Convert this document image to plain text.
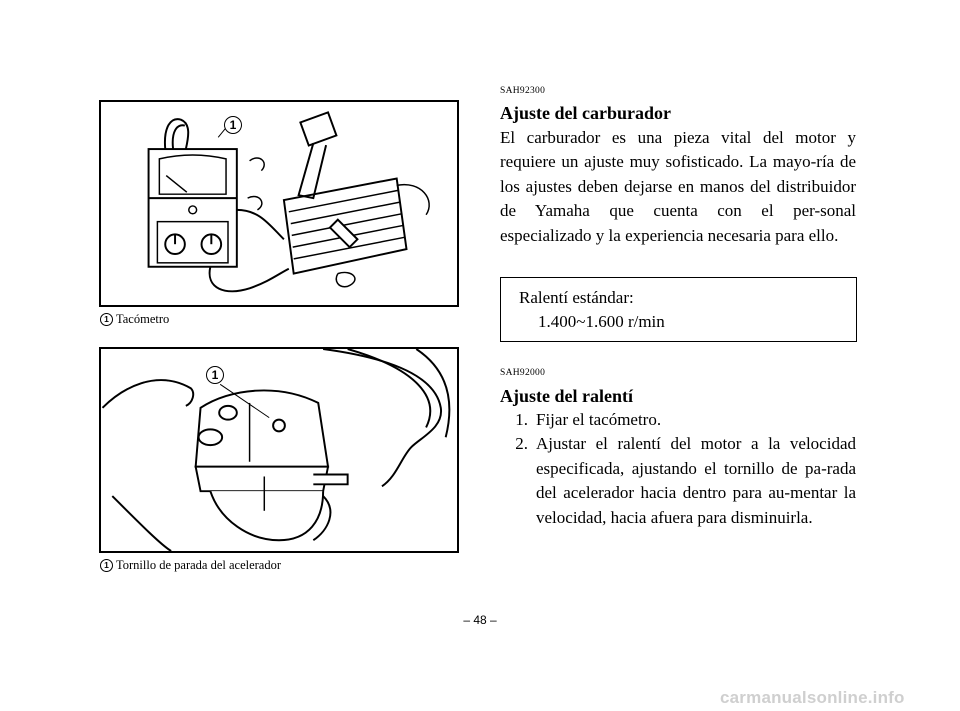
1
1 Tacómetro
1
1 Tornillo de parada del acelerador
SAH92300
Ajuste del carburador
El carburador es una pieza vital del motor y requiere un ajuste muy sofisticado. La mayo-ría de los ajustes deben dejarse en manos del distribuidor de Yamaha que cuenta con el per-sonal especializado y la experiencia necesaria para ello.
Ralentí estándar:
1.400~1.600 r/min
SAH92000
Ajuste del ralentí
1. Fijar el tacómetro.
2. Ajustar el ralentí del motor a la velocidad especificada, ajustando el tornillo de pa-rada del acelerador hacia dentro para au-mentar la velocidad, hacia afuera para disminuirla.
– 48 –
carmanualsonline.info
